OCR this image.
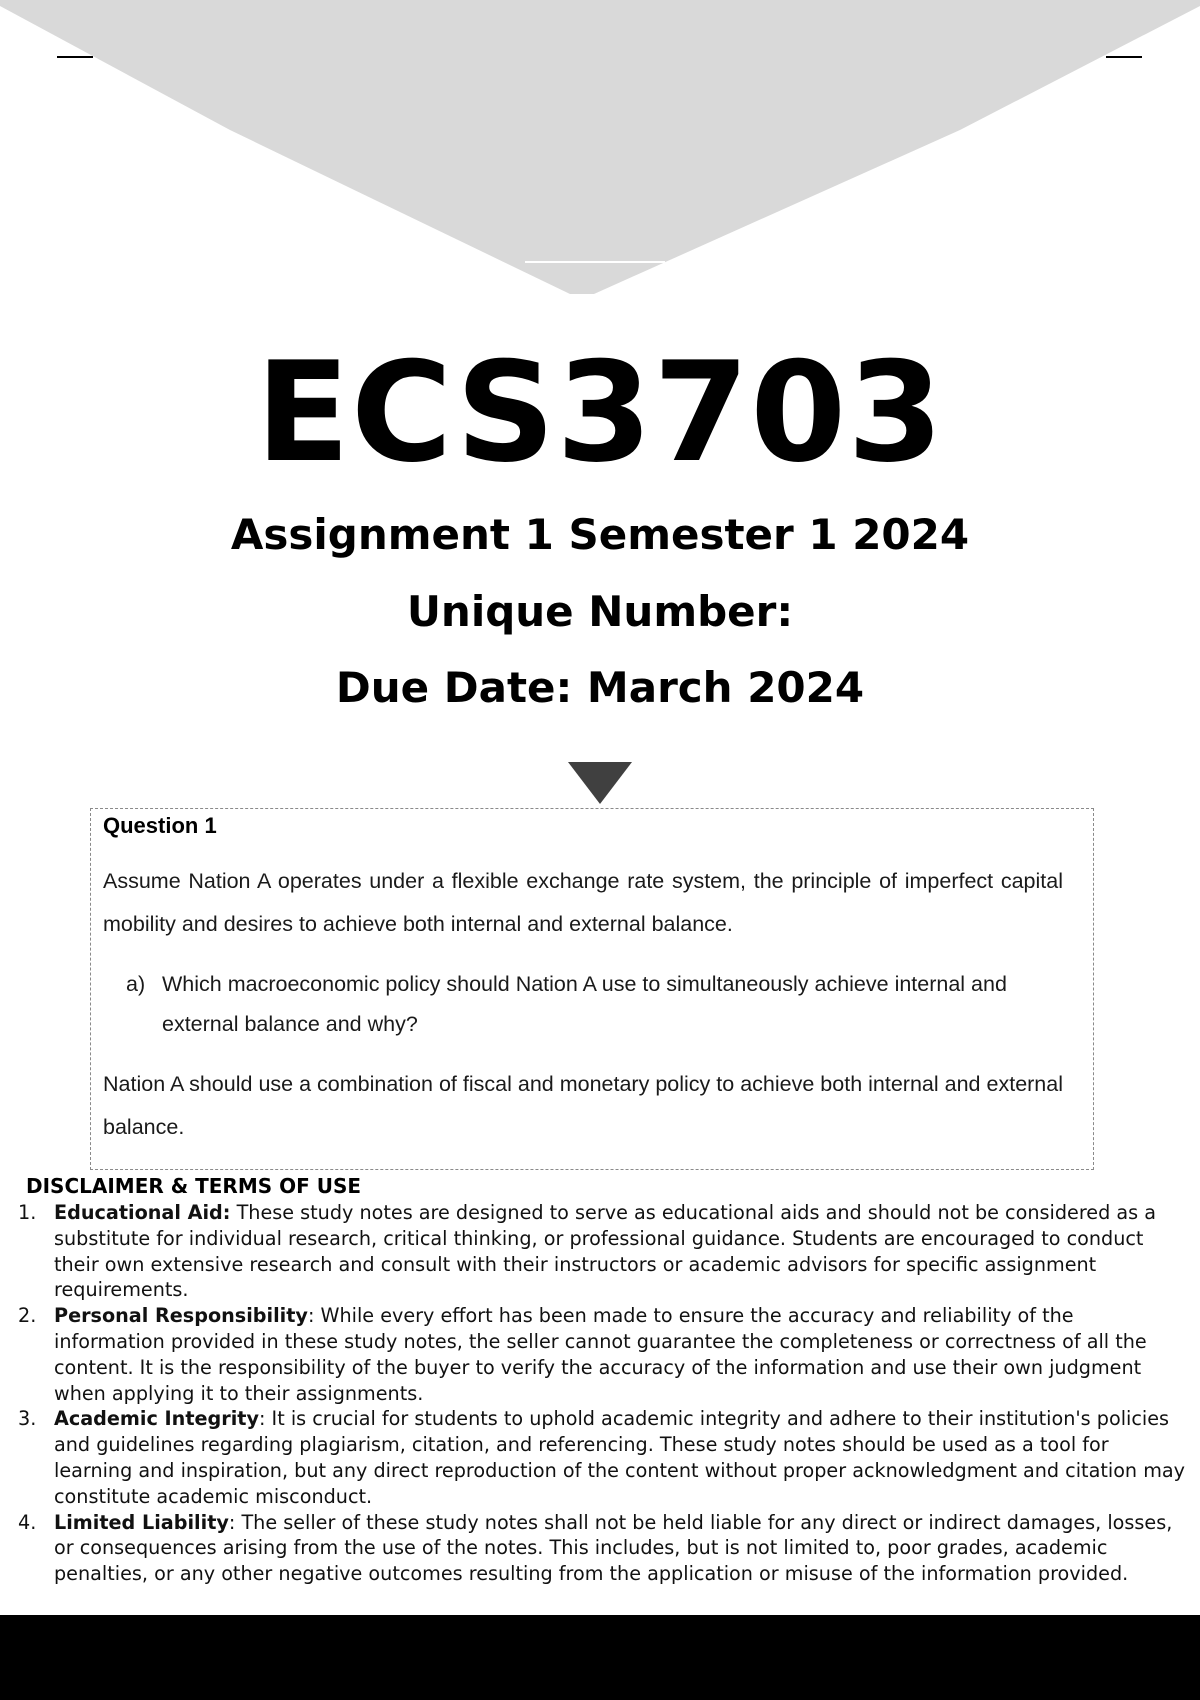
ECS3703
Assignment 1 Semester 1 2024
Unique Number:
Due Date: March 2024
Question 1
Assume Nation A operates under a flexible exchange rate system, the principle of imperfect capital mobility and desires to achieve both internal and external balance.
a) Which macroeconomic policy should Nation A use to simultaneously achieve internal and external balance and why?
Nation A should use a combination of fiscal and monetary policy to achieve both internal and external balance.
DISCLAIMER & TERMS OF USE
1. Educational Aid: These study notes are designed to serve as educational aids and should not be considered as a substitute for individual research, critical thinking, or professional guidance. Students are encouraged to conduct their own extensive research and consult with their instructors or academic advisors for specific assignment requirements.
2. Personal Responsibility: While every effort has been made to ensure the accuracy and reliability of the information provided in these study notes, the seller cannot guarantee the completeness or correctness of all the content. It is the responsibility of the buyer to verify the accuracy of the information and use their own judgment when applying it to their assignments.
3. Academic Integrity: It is crucial for students to uphold academic integrity and adhere to their institution's policies and guidelines regarding plagiarism, citation, and referencing. These study notes should be used as a tool for learning and inspiration, but any direct reproduction of the content without proper acknowledgment and citation may constitute academic misconduct.
4. Limited Liability: The seller of these study notes shall not be held liable for any direct or indirect damages, losses, or consequences arising from the use of the notes. This includes, but is not limited to, poor grades, academic penalties, or any other negative outcomes resulting from the application or misuse of the information provided.
